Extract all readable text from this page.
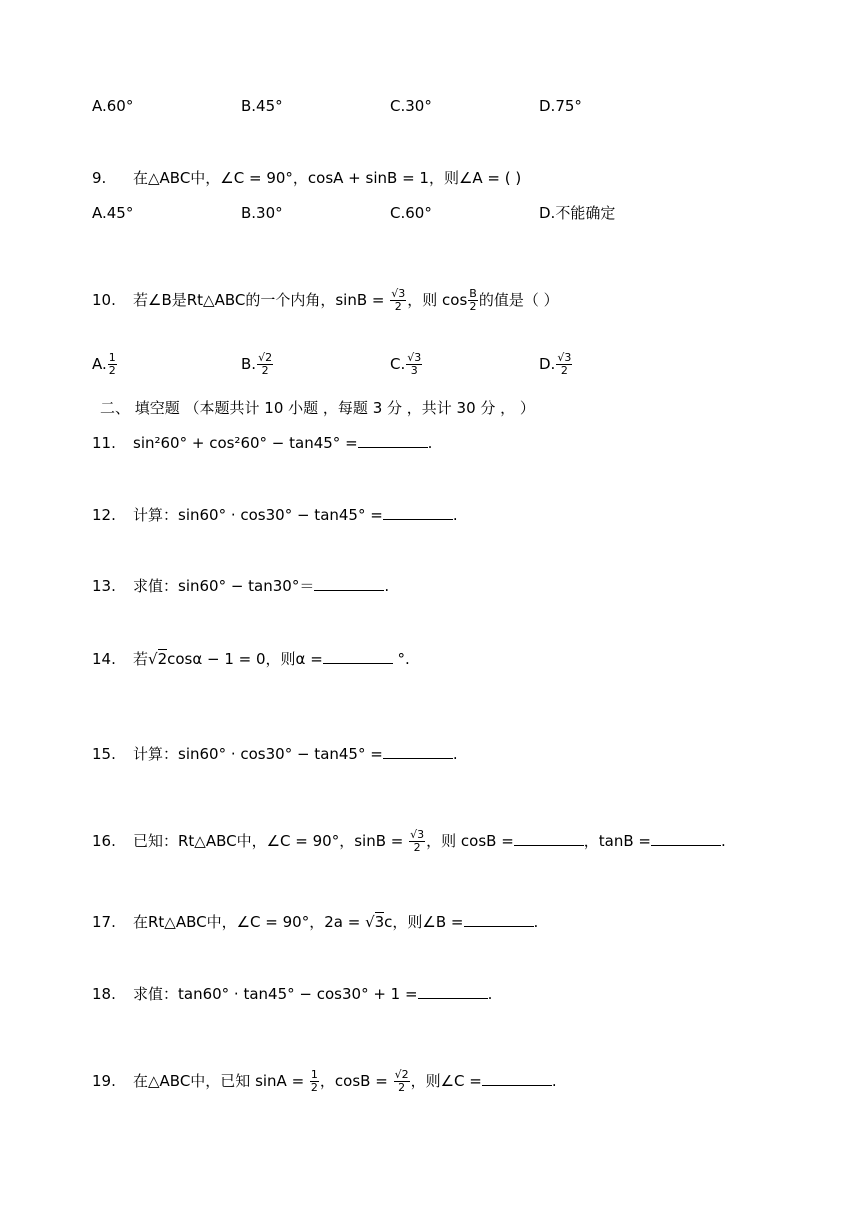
A.60°	B.45°	C.30°	D.75°
9. 在△ABC中，∠C = 90°，cosA + sinB = 1，则∠A = ( )
A.45°	B.30°	C.60°	D.不能确定
10. 若∠B是Rt△ABC的一个内角，$\sin B = \frac{√3}{2}$ ，则 $\cos \frac{B}{2}$ 的值是（ ）
A. $\frac{1}{2}$	B. $\frac{√2}{2}$	C. $\frac{√3}{3}$	D. $\frac{√3}{2}$
二、 填空题 （本题共计 10 小题 ，每题 3 分 ，共计 30 分 ， ）
11. sin²60° + cos²60° − tan45° =	.
12. 计算：sin60° · cos30° − tan45° =	.
13. 求值：sin60° − tan30°＝	.
14. 若√2cosα − 1 = 0，则α =	°.
15. 计算：sin60° · cos30° − tan45° =	.
16. 已知：Rt△ABC中，∠C = 90°，$\sin B = \frac{√3}{2}$ ，则 cosB =	，tanB =	.
17. 在Rt△ABC中，∠C = 90°，2a = √3c，则∠B =	.
18. 求值：tan60° · tan45° − cos30° + 1 =	.
19. 在△ABC中，已知 $\sin A = \frac{1}{2}$ ，$\cos B = \frac{√2}{2}$ ，则∠C =	.
